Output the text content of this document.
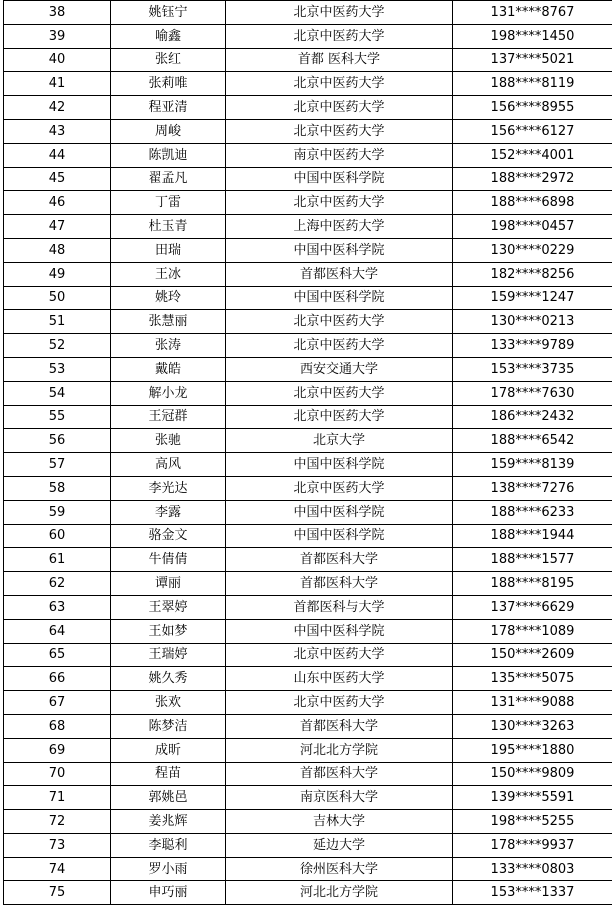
38	姚钰宁	北京中医药大学	131****8767
39	喻鑫	北京中医药大学	198****1450
40	张红	首都 医科大学	137****5021
41	张莉唯	北京中医药大学	188****8119
42	程亚清	北京中医药大学	156****8955
43	周峻	北京中医药大学	156****6127
44	陈凯迪	南京中医药大学	152****4001
45	翟孟凡	中国中医科学院	188****2972
46	丁雷	北京中医药大学	188****6898
47	杜玉青	上海中医药大学	198****0457
48	田瑞	中国中医科学院	130****0229
49	王冰	首都医科大学	182****8256
50	姚玲	中国中医科学院	159****1247
51	张慧丽	北京中医药大学	130****0213
52	张涛	北京中医药大学	133****9789
53	戴皓	西安交通大学	153****3735
54	解小龙	北京中医药大学	178****7630
55	王冠群	北京中医药大学	186****2432
56	张驰	北京大学	188****6542
57	高风	中国中医科学院	159****8139
58	李光达	北京中医药大学	138****7276
59	李露	中国中医科学院	188****6233
60	骆金文	中国中医科学院	188****1944
61	牛倩倩	首都医科大学	188****1577
62	谭丽	首都医科大学	188****8195
63	王翠婷	首都医科与大学	137****6629
64	王如梦	中国中医科学院	178****1089
65	王瑞婷	北京中医药大学	150****2609
66	姚久秀	山东中医药大学	135****5075
67	张欢	北京中医药大学	131****9088
68	陈梦洁	首都医科大学	130****3263
69	成昕	河北北方学院	195****1880
70	程苗	首都医科大学	150****9809
71	郭姚邑	南京医科大学	139****5591
72	姜兆辉	吉林大学	198****5255
73	李聪利	延边大学	178****9937
74	罗小雨	徐州医科大学	133****0803
75	申巧丽	河北北方学院	153****1337
